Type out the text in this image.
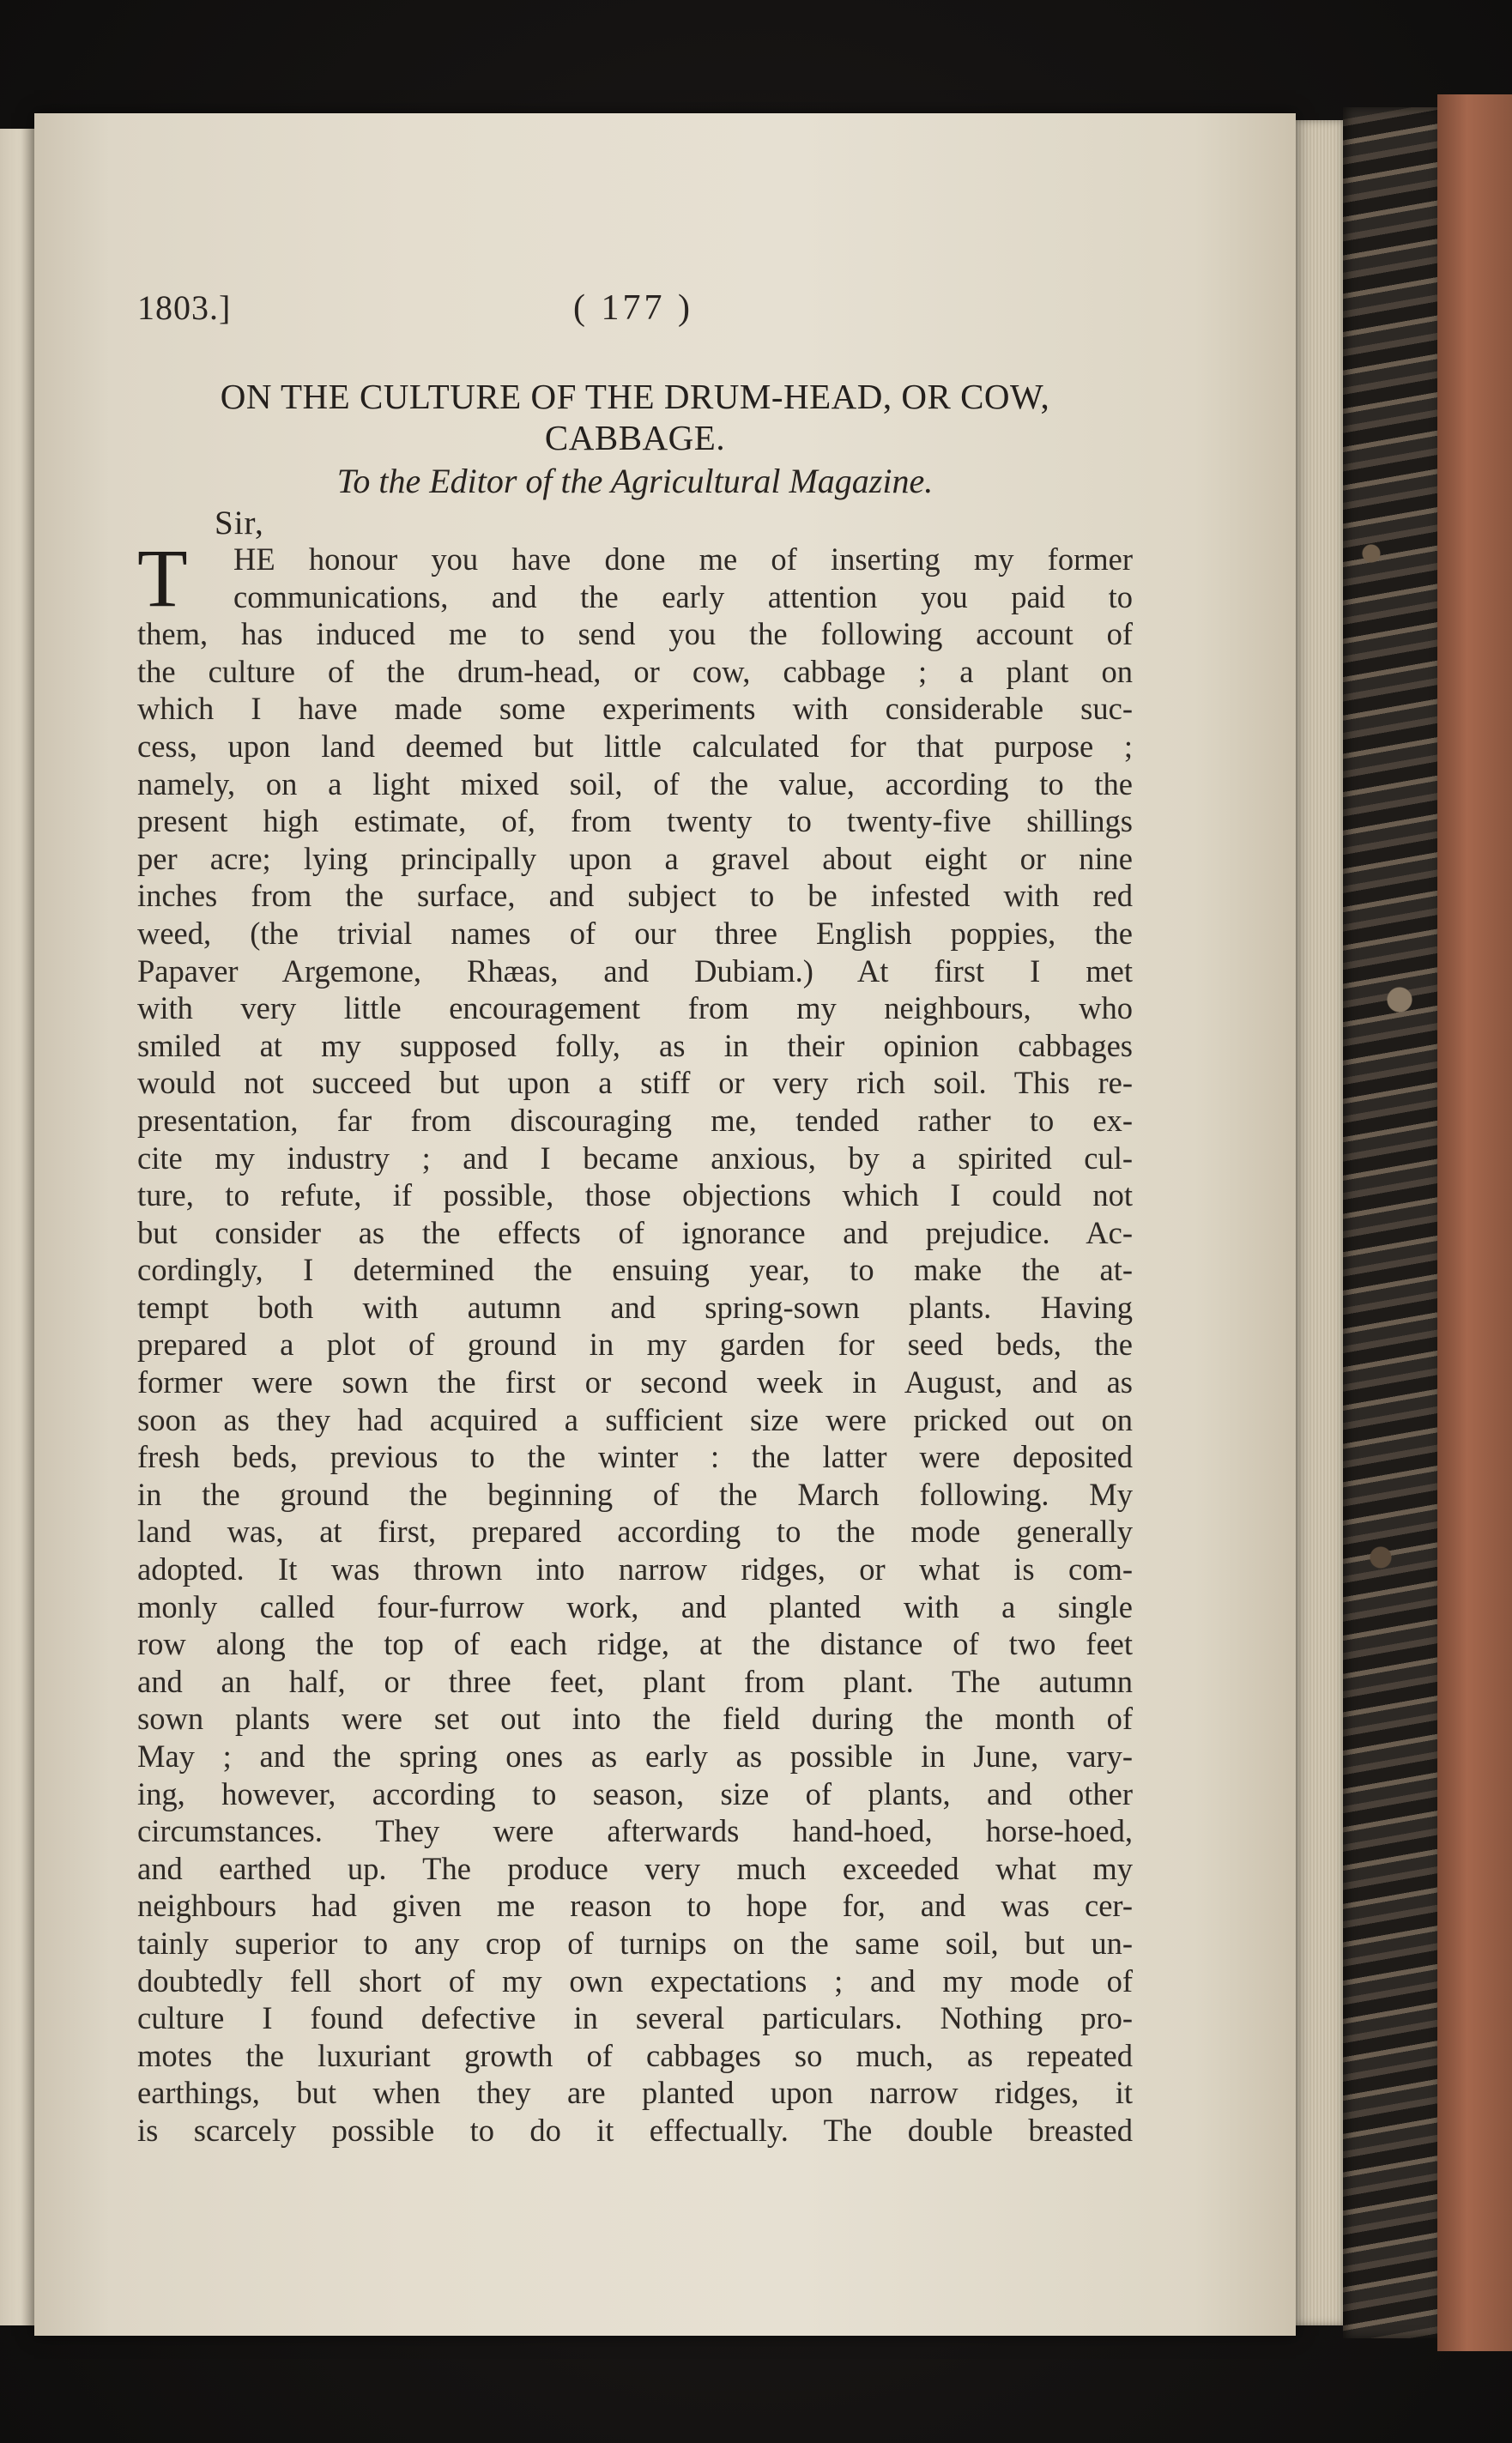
1803.]	( 177 )
ON THE CULTURE OF THE DRUM-HEAD, OR COW,
CABBAGE.
To the Editor of the Agricultural Magazine.
Sir,
T	HE honour you have done me of inserting my former
communications, and the early attention you paid to
them, has induced me to send you the following account of
the culture of the drum-head, or cow, cabbage ; a plant on
which I have made some experiments with considerable suc-
cess, upon land deemed but little calculated for that purpose ;
namely, on a light mixed soil, of the value, according to the
present high estimate, of, from twenty to twenty-five shillings
per acre; lying principally upon a gravel about eight or nine
inches from the surface, and subject to be infested with red
weed, (the trivial names of our three English poppies, the
Papaver Argemone, Rhæas, and Dubiam.) At first I met
with very little encouragement from my neighbours, who
smiled at my supposed folly, as in their opinion cabbages
would not succeed but upon a stiff or very rich soil. This re-
presentation, far from discouraging me, tended rather to ex-
cite my industry ; and I became anxious, by a spirited cul-
ture, to refute, if possible, those objections which I could not
but consider as the effects of ignorance and prejudice. Ac-
cordingly, I determined the ensuing year, to make the at-
tempt both with autumn and spring-sown plants. Having
prepared a plot of ground in my garden for seed beds, the
former were sown the first or second week in August, and as
soon as they had acquired a sufficient size were pricked out on
fresh beds, previous to the winter : the latter were deposited
in the ground the beginning of the March following. My
land was, at first, prepared according to the mode generally
adopted. It was thrown into narrow ridges, or what is com-
monly called four-furrow work, and planted with a single
row along the top of each ridge, at the distance of two feet
and an half, or three feet, plant from plant. The autumn
sown plants were set out into the field during the month of
May ; and the spring ones as early as possible in June, vary-
ing, however, according to season, size of plants, and other
circumstances. They were afterwards hand-hoed, horse-hoed,
and earthed up. The produce very much exceeded what my
neighbours had given me reason to hope for, and was cer-
tainly superior to any crop of turnips on the same soil, but un-
doubtedly fell short of my own expectations ; and my mode of
culture I found defective in several particulars. Nothing pro-
motes the luxuriant growth of cabbages so much, as repeated
earthings, but when they are planted upon narrow ridges, it
is scarcely possible to do it effectually. The double breasted
